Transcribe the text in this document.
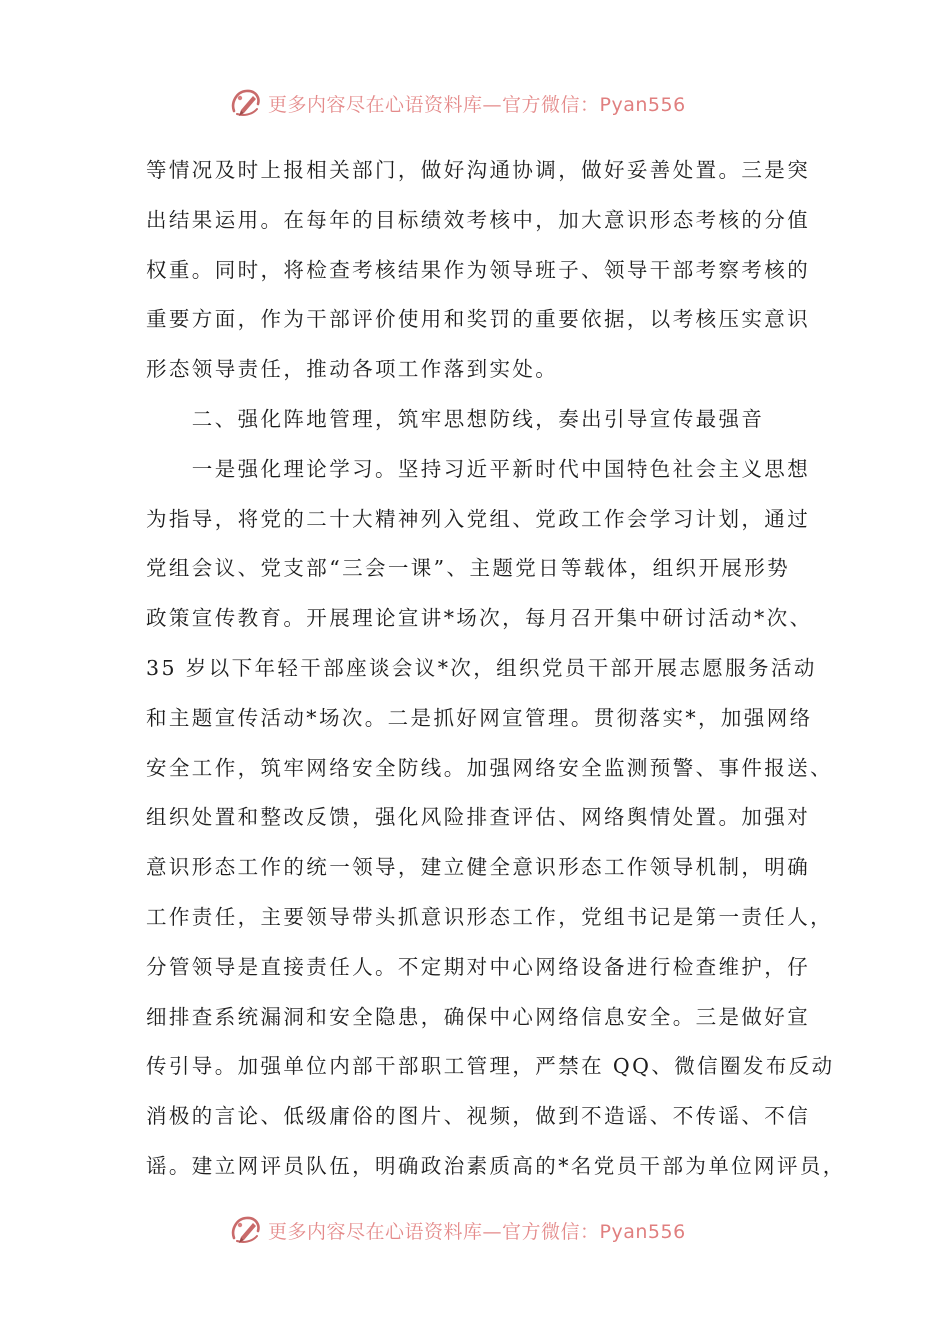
更多内容尽在心语资料库—官方微信：Pyan556
等情况及时上报相关部门，做好沟通协调，做好妥善处置。三是突
出结果运用。在每年的目标绩效考核中，加大意识形态考核的分值
权重。同时，将检查考核结果作为领导班子、领导干部考察考核的
重要方面，作为干部评价使用和奖罚的重要依据，以考核压实意识
形态领导责任，推动各项工作落到实处。
　　二、强化阵地管理，筑牢思想防线，奏出引导宣传最强音
　　一是强化理论学习。坚持习近平新时代中国特色社会主义思想
为指导，将党的二十大精神列入党组、党政工作会学习计划，通过
党组会议、党支部“三会一课”、主题党日等载体，组织开展形势
政策宣传教育。开展理论宣讲*场次，每月召开集中研讨活动*次、
35 岁以下年轻干部座谈会议*次，组织党员干部开展志愿服务活动
和主题宣传活动*场次。二是抓好网宣管理。贯彻落实*，加强网络
安全工作，筑牢网络安全防线。加强网络安全监测预警、事件报送、
组织处置和整改反馈，强化风险排查评估、网络舆情处置。加强对
意识形态工作的统一领导，建立健全意识形态工作领导机制，明确
工作责任，主要领导带头抓意识形态工作，党组书记是第一责任人，
分管领导是直接责任人。不定期对中心网络设备进行检查维护，仔
细排查系统漏洞和安全隐患，确保中心网络信息安全。三是做好宣
传引导。加强单位内部干部职工管理，严禁在 QQ、微信圈发布反动
消极的言论、低级庸俗的图片、视频，做到不造谣、不传谣、不信
谣。建立网评员队伍，明确政治素质高的*名党员干部为单位网评员，
更多内容尽在心语资料库—官方微信：Pyan556
